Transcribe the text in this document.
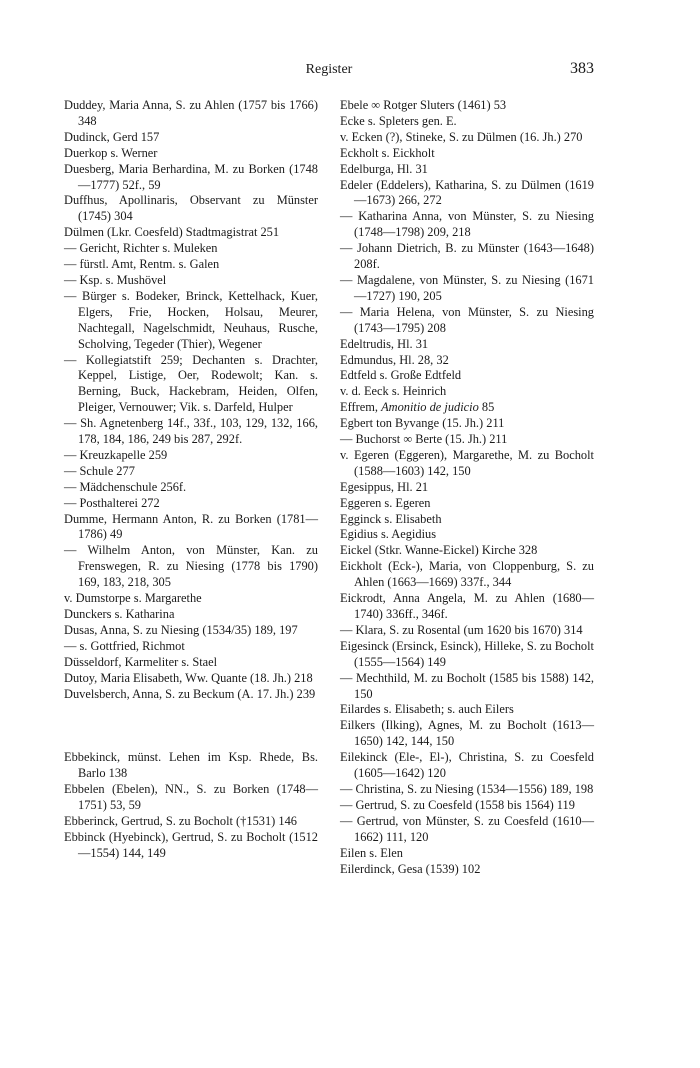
Register	383
Duddey, Maria Anna, S. zu Ahlen (1757 bis 1766) 348
Dudinck, Gerd 157
Duerkop s. Werner
Duesberg, Maria Berhardina, M. zu Borken (1748—1777) 52f., 59
Duffhus, Apollinaris, Observant zu Münster (1745) 304
Dülmen (Lkr. Coesfeld) Stadtmagistrat 251
— Gericht, Richter s. Muleken
— fürstl. Amt, Rentm. s. Galen
— Ksp. s. Mushövel
— Bürger s. Bodeker, Brinck, Kettelhack, Kuer, Elgers, Frie, Hocken, Holsau, Meurer, Nachtegall, Nagelschmidt, Neuhaus, Rusche, Scholving, Tegeder (Thier), Wegener
— Kollegiatstift 259; Dechanten s. Drachter, Keppel, Listige, Oer, Rodewolt; Kan. s. Berning, Buck, Hackebram, Heiden, Olfen, Pleiger, Vernouwer; Vik. s. Darfeld, Hulper
— Sh. Agnetenberg 14f., 33f., 103, 129, 132, 166, 178, 184, 186, 249 bis 287, 292f.
— Kreuzkapelle 259
— Schule 277
— Mädchenschule 256f.
— Posthalterei 272
Dumme, Hermann Anton, R. zu Borken (1781—1786) 49
— Wilhelm Anton, von Münster, Kan. zu Frenswegen, R. zu Niesing (1778 bis 1790) 169, 183, 218, 305
v. Dumstorpe s. Margarethe
Dunckers s. Katharina
Dusas, Anna, S. zu Niesing (1534/35) 189, 197
— s. Gottfried, Richmot
Düsseldorf, Karmeliter s. Stael
Dutoy, Maria Elisabeth, Ww. Quante (18. Jh.) 218
Duvelsberch, Anna, S. zu Beckum (A. 17. Jh.) 239
Ebbekinck, münst. Lehen im Ksp. Rhede, Bs. Barlo 138
Ebbelen (Ebelen), NN., S. zu Borken (1748—1751) 53, 59
Ebberinck, Gertrud, S. zu Bocholt (†1531) 146
Ebbinck (Hyebinck), Gertrud, S. zu Bocholt (1512—1554) 144, 149
Ebele ∞ Rotger Sluters (1461) 53
Ecke s. Spleters gen. E.
v. Ecken (?), Stineke, S. zu Dülmen (16. Jh.) 270
Eckholt s. Eickholt
Edelburga, Hl. 31
Edeler (Eddelers), Katharina, S. zu Dülmen (1619—1673) 266, 272
— Katharina Anna, von Münster, S. zu Niesing (1748—1798) 209, 218
— Johann Dietrich, B. zu Münster (1643—1648) 208f.
— Magdalene, von Münster, S. zu Niesing (1671—1727) 190, 205
— Maria Helena, von Münster, S. zu Niesing (1743—1795) 208
Edeltrudis, Hl. 31
Edmundus, Hl. 28, 32
Edtfeld s. Große Edtfeld
v. d. Eeck s. Heinrich
Effrem, Amonitio de judicio 85
Egbert ton Byvange (15. Jh.) 211
— Buchorst ∞ Berte (15. Jh.) 211
v. Egeren (Eggeren), Margarethe, M. zu Bocholt (1588—1603) 142, 150
Egesippus, Hl. 21
Eggeren s. Egeren
Egginck s. Elisabeth
Egidius s. Aegidius
Eickel (Stkr. Wanne-Eickel) Kirche 328
Eickholt (Eck-), Maria, von Cloppenburg, S. zu Ahlen (1663—1669) 337f., 344
Eickrodt, Anna Angela, M. zu Ahlen (1680—1740) 336ff., 346f.
— Klara, S. zu Rosental (um 1620 bis 1670) 314
Eigesinck (Ersinck, Esinck), Hilleke, S. zu Bocholt (1555—1564) 149
— Mechthild, M. zu Bocholt (1585 bis 1588) 142, 150
Eilardes s. Elisabeth; s. auch Eilers
Eilkers (Ilking), Agnes, M. zu Bocholt (1613—1650) 142, 144, 150
Eilekinck (Ele-, El-), Christina, S. zu Coesfeld (1605—1642) 120
— Christina, S. zu Niesing (1534—1556) 189, 198
— Gertrud, S. zu Coesfeld (1558 bis 1564) 119
— Gertrud, von Münster, S. zu Coesfeld (1610—1662) 111, 120
Eilen s. Elen
Eilerdinck, Gesa (1539) 102
